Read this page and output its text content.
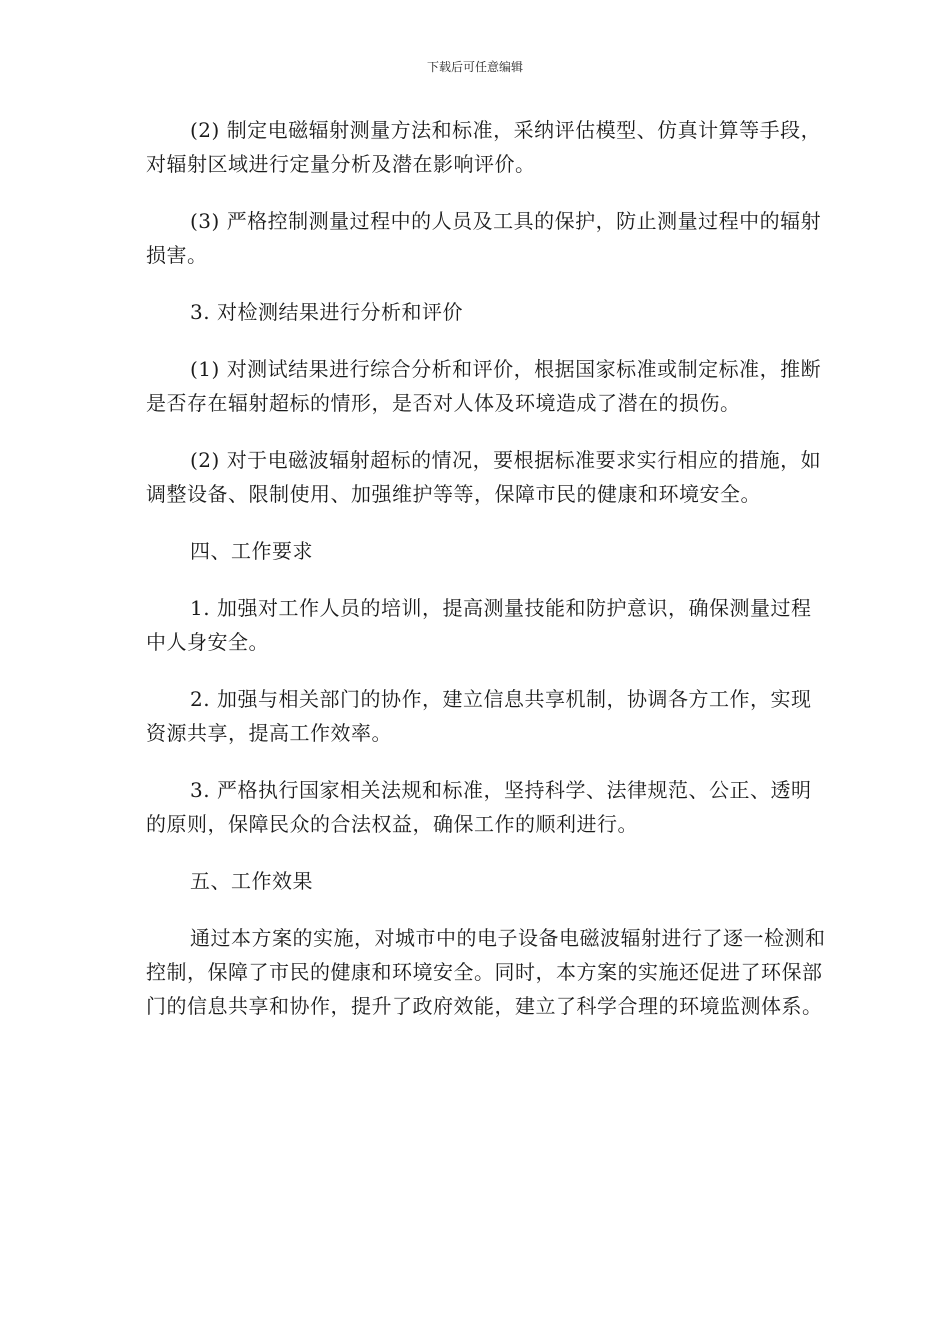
下载后可任意编辑

(2) 制定电磁辐射测量方法和标准，采纳评估模型、仿真计算等手段，对辐射区域进行定量分析及潜在影响评价。

(3) 严格控制测量过程中的人员及工具的保护，防止测量过程中的辐射损害。

3. 对检测结果进行分析和评价

(1) 对测试结果进行综合分析和评价，根据国家标准或制定标准，推断是否存在辐射超标的情形，是否对人体及环境造成了潜在的损伤。

(2) 对于电磁波辐射超标的情况，要根据标准要求实行相应的措施，如调整设备、限制使用、加强维护等等，保障市民的健康和环境安全。

四、工作要求

1. 加强对工作人员的培训，提高测量技能和防护意识，确保测量过程中人身安全。

2. 加强与相关部门的协作，建立信息共享机制，协调各方工作，实现资源共享，提高工作效率。

3. 严格执行国家相关法规和标准，坚持科学、法律规范、公正、透明的原则，保障民众的合法权益，确保工作的顺利进行。

五、工作效果

通过本方案的实施，对城市中的电子设备电磁波辐射进行了逐一检测和控制，保障了市民的健康和环境安全。同时，本方案的实施还促进了环保部门的信息共享和协作，提升了政府效能，建立了科学合理的环境监测体系。
